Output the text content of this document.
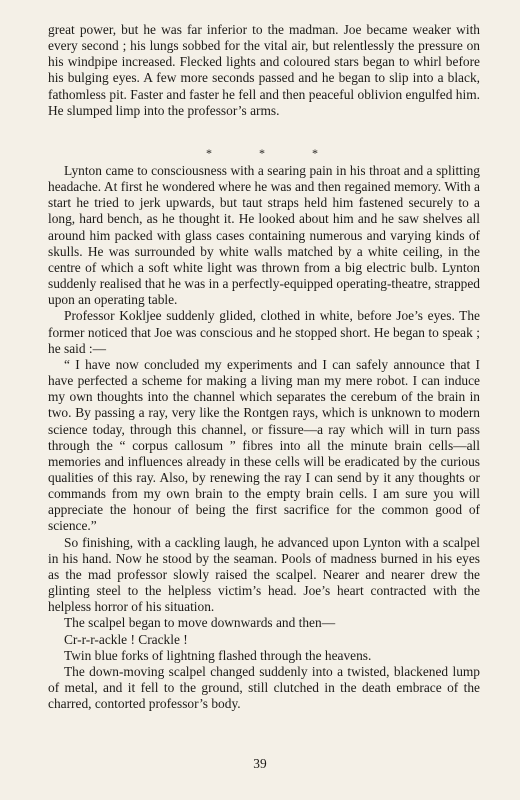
great power, but he was far inferior to the madman. Joe became weaker with every second ; his lungs sobbed for the vital air, but relentlessly the pressure on his windpipe increased. Flecked lights and coloured stars began to whirl before his bulging eyes. A few more seconds passed and he began to slip into a black, fathomless pit. Faster and faster he fell and then peaceful oblivion engulfed him. He slumped limp into the professor’s arms.

* * *

Lynton came to consciousness with a searing pain in his throat and a splitting headache. At first he wondered where he was and then regained memory. With a start he tried to jerk upwards, but taut straps held him fastened securely to a long, hard bench, as he thought it. He looked about him and he saw shelves all around him packed with glass cases containing numerous and varying kinds of skulls. He was surrounded by white walls matched by a white ceiling, in the centre of which a soft white light was thrown from a big electric bulb. Lynton suddenly realised that he was in a perfectly-equipped operating-theatre, strapped upon an operating table.

Professor Kokljee suddenly glided, clothed in white, before Joe’s eyes. The former noticed that Joe was conscious and he stopped short. He began to speak ; he said :—

“ I have now concluded my experiments and I can safely announce that I have perfected a scheme for making a living man my mere robot. I can induce my own thoughts into the channel which separates the cerebum of the brain in two. By passing a ray, very like the Rontgen rays, which is unknown to modern science today, through this channel, or fissure—a ray which will in turn pass through the “ corpus callosum ” fibres into all the minute brain cells—all memories and influences already in these cells will be eradicated by the curious qualities of this ray. Also, by renewing the ray I can send by it any thoughts or commands from my own brain to the empty brain cells. I am sure you will appreciate the honour of being the first sacrifice for the common good of science.”

So finishing, with a cackling laugh, he advanced upon Lynton with a scalpel in his hand. Now he stood by the seaman. Pools of madness burned in his eyes as the mad professor slowly raised the scalpel. Nearer and nearer drew the glinting steel to the helpless victim’s head. Joe’s heart contracted with the helpless horror of his situation.

The scalpel began to move downwards and then—

Cr-r-r-ackle ! Crackle !

Twin blue forks of lightning flashed through the heavens.

The down-moving scalpel changed suddenly into a twisted, blackened lump of metal, and it fell to the ground, still clutched in the death embrace of the charred, contorted professor’s body.

39
